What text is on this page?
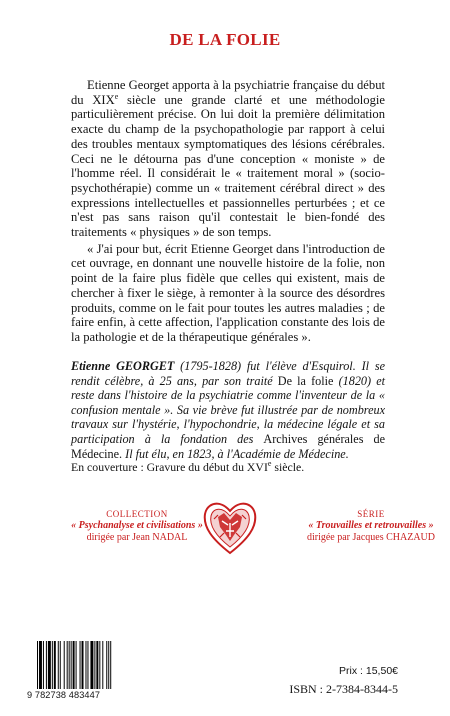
DE LA FOLIE

Etienne Georget apporta à la psychiatrie française du début du XIXe siècle une grande clarté et une méthodologie particulièrement précise. On lui doit la première délimitation exacte du champ de la psychopathologie par rapport à celui des troubles mentaux symptomatiques des lésions cérébrales. Ceci ne le détourna pas d'une conception « moniste » de l'homme réel. Il considérait le « traitement moral » (socio-psychothérapie) comme un « traitement cérébral direct » des expressions intellectuelles et passionnelles perturbées ; et ce n'est pas sans raison qu'il contestait le bien-fondé des traitements « physiques » de son temps.

« J'ai pour but, écrit Etienne Georget dans l'introduction de cet ouvrage, en donnant une nouvelle histoire de la folie, non point de la faire plus fidèle que celles qui existent, mais de chercher à fixer le siège, à remonter à la source des désordres produits, comme on le fait pour toutes les autres maladies ; de faire enfin, à cette affection, l'application constante des lois de la pathologie et de la thérapeutique générales ».

Etienne GEORGET (1795-1828) fut l'élève d'Esquirol. Il se rendit célèbre, à 25 ans, par son traité De la folie (1820) et reste dans l'histoire de la psychiatrie comme l'inventeur de la « confusion mentale ». Sa vie brève fut illustrée par de nombreux travaux sur l'hystérie, l'hypochondrie, la médecine légale et sa participation à la fondation des Archives générales de Médecine. Il fut élu, en 1823, à l'Académie de Médecine.
En couverture : Gravure du début du XVIe siècle.
COLLECTION
« Psychanalyse et civilisations »
dirigée par Jean NADAL
SÉRIE
« Trouvailles et retrouvailles »
dirigée par Jacques CHAZAUD
9 782738 483447
Prix : 15,50€
ISBN : 2-7384-8344-5
